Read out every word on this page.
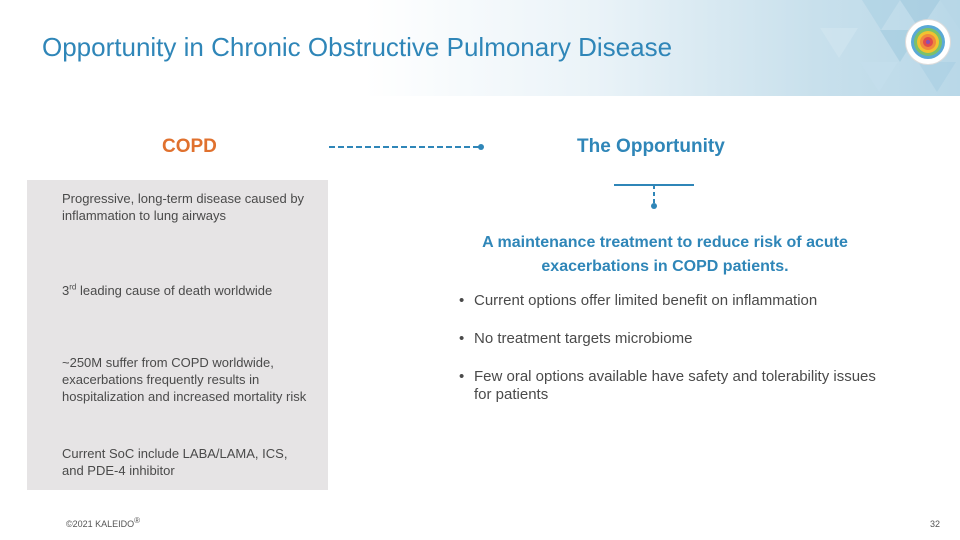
Opportunity in Chronic Obstructive Pulmonary Disease
COPD	The Opportunity
Progressive, long-term disease caused by inflammation to lung airways
3rd leading cause of death worldwide
~250M suffer from COPD worldwide, exacerbations frequently results in hospitalization and increased mortality risk
Current SoC include LABA/LAMA, ICS, and PDE-4 inhibitor
A maintenance treatment to reduce risk of acute exacerbations in COPD patients.
• Current options offer limited benefit on inflammation
• No treatment targets microbiome
• Few oral options available have safety and tolerability issues for patients
©2021 KALEIDO®	32
